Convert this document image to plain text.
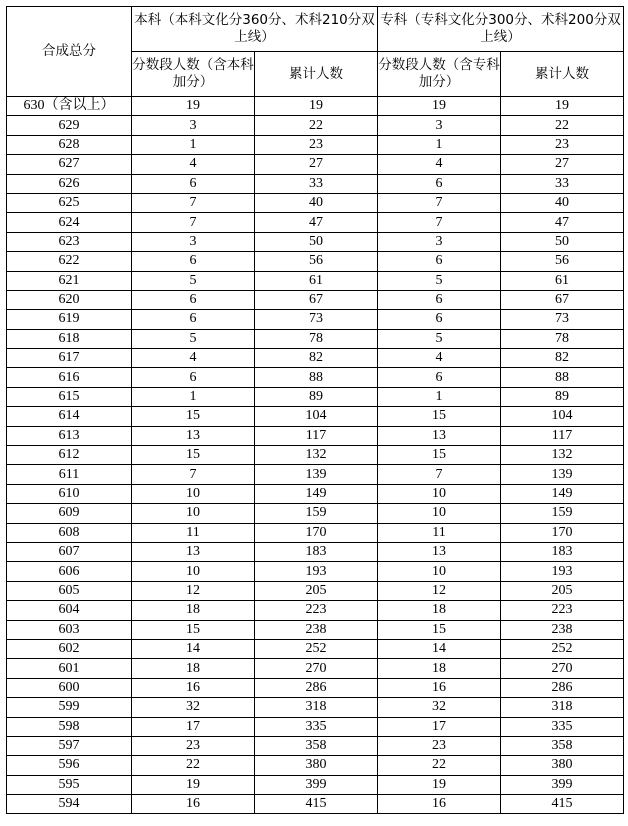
合成总分	本科（本科文化分360分、术科210分双上线）		专科（专科文化分300分、术科200分双上线）	
	分数段人数（含本科加分）	累计人数	分数段人数（含专科加分）	累计人数
630（含以上）	19	19	19	19
629	3	22	3	22
628	1	23	1	23
627	4	27	4	27
626	6	33	6	33
625	7	40	7	40
624	7	47	7	47
623	3	50	3	50
622	6	56	6	56
621	5	61	5	61
620	6	67	6	67
619	6	73	6	73
618	5	78	5	78
617	4	82	4	82
616	6	88	6	88
615	1	89	1	89
614	15	104	15	104
613	13	117	13	117
612	15	132	15	132
611	7	139	7	139
610	10	149	10	149
609	10	159	10	159
608	11	170	11	170
607	13	183	13	183
606	10	193	10	193
605	12	205	12	205
604	18	223	18	223
603	15	238	15	238
602	14	252	14	252
601	18	270	18	270
600	16	286	16	286
599	32	318	32	318
598	17	335	17	335
597	23	358	23	358
596	22	380	22	380
595	19	399	19	399
594	16	415	16	415
